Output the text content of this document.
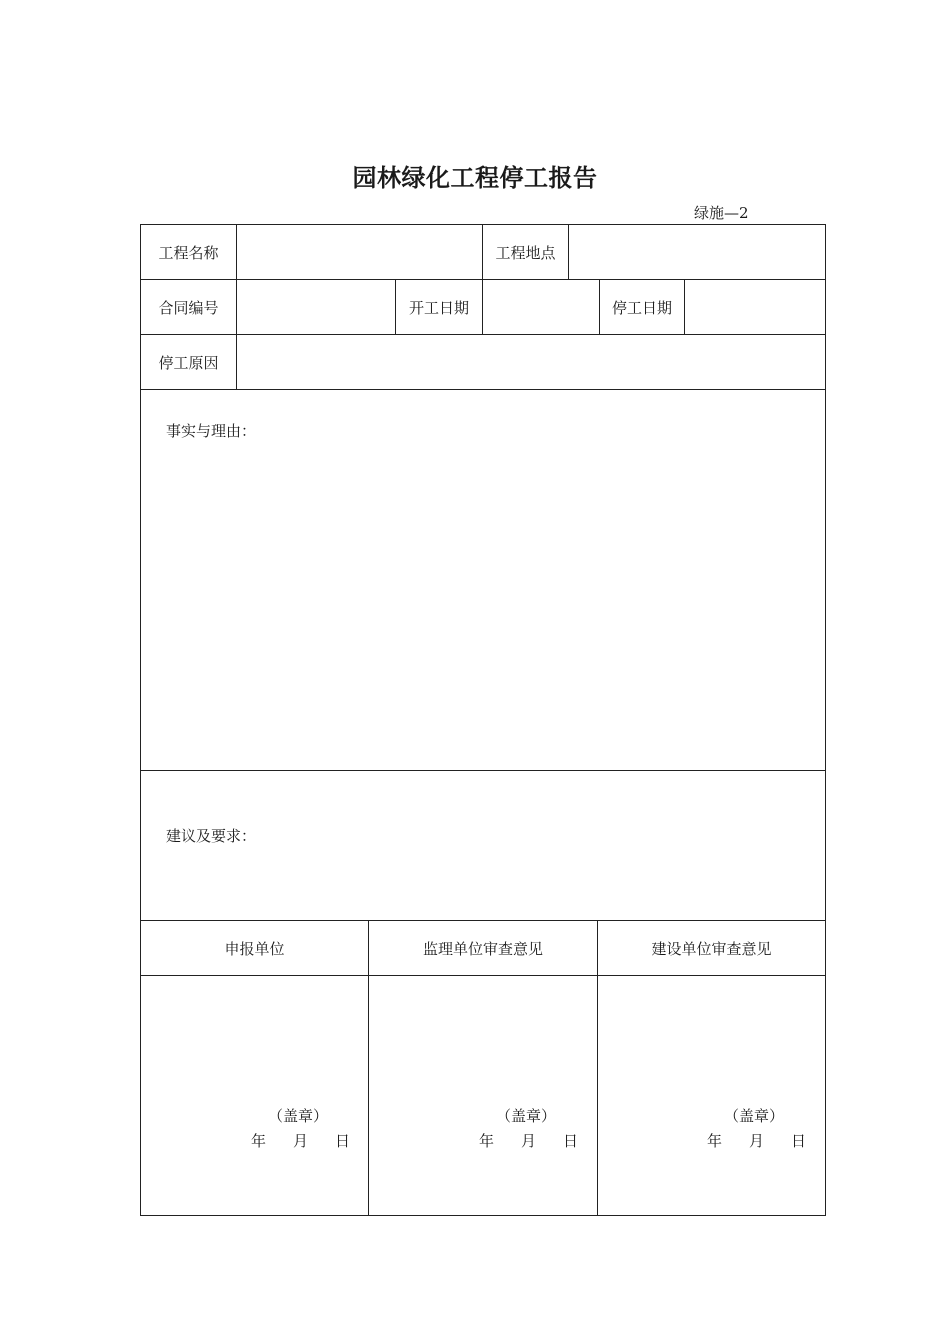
园林绿化工程停工报告
绿施—2
工程名称	工程地点
合同编号	开工日期	停工日期
停工原因
事实与理由：
建议及要求：
申报单位	监理单位审查意见	建设单位审查意见
（盖章）
年 月 日
（盖章）
年 月 日
（盖章）
年 月 日
